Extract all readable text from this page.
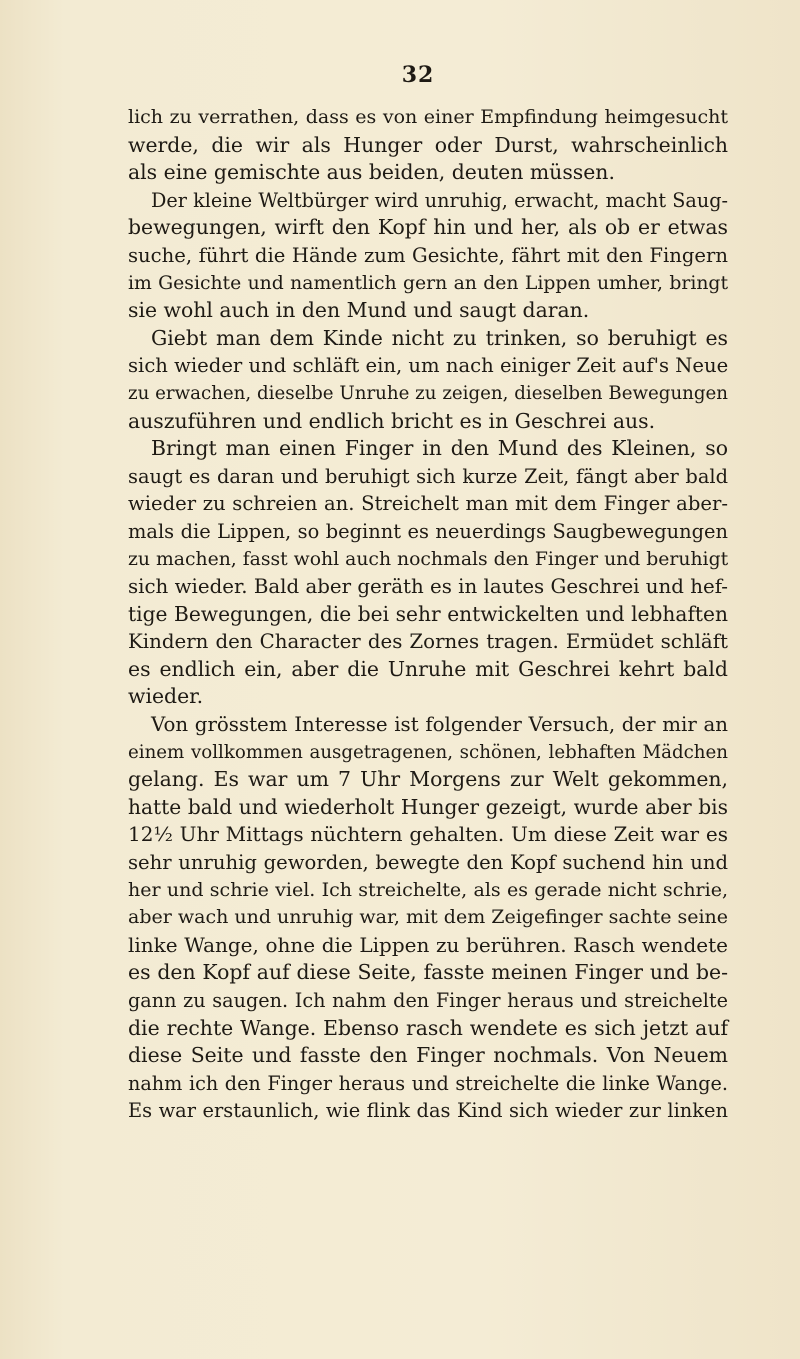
32
lich zu verrathen, dass es von einer Empfindung heimgesucht
werde, die wir als Hunger oder Durst, wahrscheinlich
als eine gemischte aus beiden, deuten müssen.
Der kleine Weltbürger wird unruhig, erwacht, macht Saug-
bewegungen, wirft den Kopf hin und her, als ob er etwas
suche, führt die Hände zum Gesichte, fährt mit den Fingern
im Gesichte und namentlich gern an den Lippen umher, bringt
sie wohl auch in den Mund und saugt daran.
Giebt man dem Kinde nicht zu trinken, so beruhigt es
sich wieder und schläft ein, um nach einiger Zeit auf's Neue
zu erwachen, dieselbe Unruhe zu zeigen, dieselben Bewegungen
auszuführen und endlich bricht es in Geschrei aus.
Bringt man einen Finger in den Mund des Kleinen, so
saugt es daran und beruhigt sich kurze Zeit, fängt aber bald
wieder zu schreien an. Streichelt man mit dem Finger aber-
mals die Lippen, so beginnt es neuerdings Saugbewegungen
zu machen, fasst wohl auch nochmals den Finger und beruhigt
sich wieder. Bald aber geräth es in lautes Geschrei und hef-
tige Bewegungen, die bei sehr entwickelten und lebhaften
Kindern den Character des Zornes tragen. Ermüdet schläft
es endlich ein, aber die Unruhe mit Geschrei kehrt bald
wieder.
Von grösstem Interesse ist folgender Versuch, der mir an
einem vollkommen ausgetragenen, schönen, lebhaften Mädchen
gelang. Es war um 7 Uhr Morgens zur Welt gekommen,
hatte bald und wiederholt Hunger gezeigt, wurde aber bis
12½ Uhr Mittags nüchtern gehalten. Um diese Zeit war es
sehr unruhig geworden, bewegte den Kopf suchend hin und
her und schrie viel. Ich streichelte, als es gerade nicht schrie,
aber wach und unruhig war, mit dem Zeigefinger sachte seine
linke Wange, ohne die Lippen zu berühren. Rasch wendete
es den Kopf auf diese Seite, fasste meinen Finger und be-
gann zu saugen. Ich nahm den Finger heraus und streichelte
die rechte Wange. Ebenso rasch wendete es sich jetzt auf
diese Seite und fasste den Finger nochmals. Von Neuem
nahm ich den Finger heraus und streichelte die linke Wange.
Es war erstaunlich, wie flink das Kind sich wieder zur linken
